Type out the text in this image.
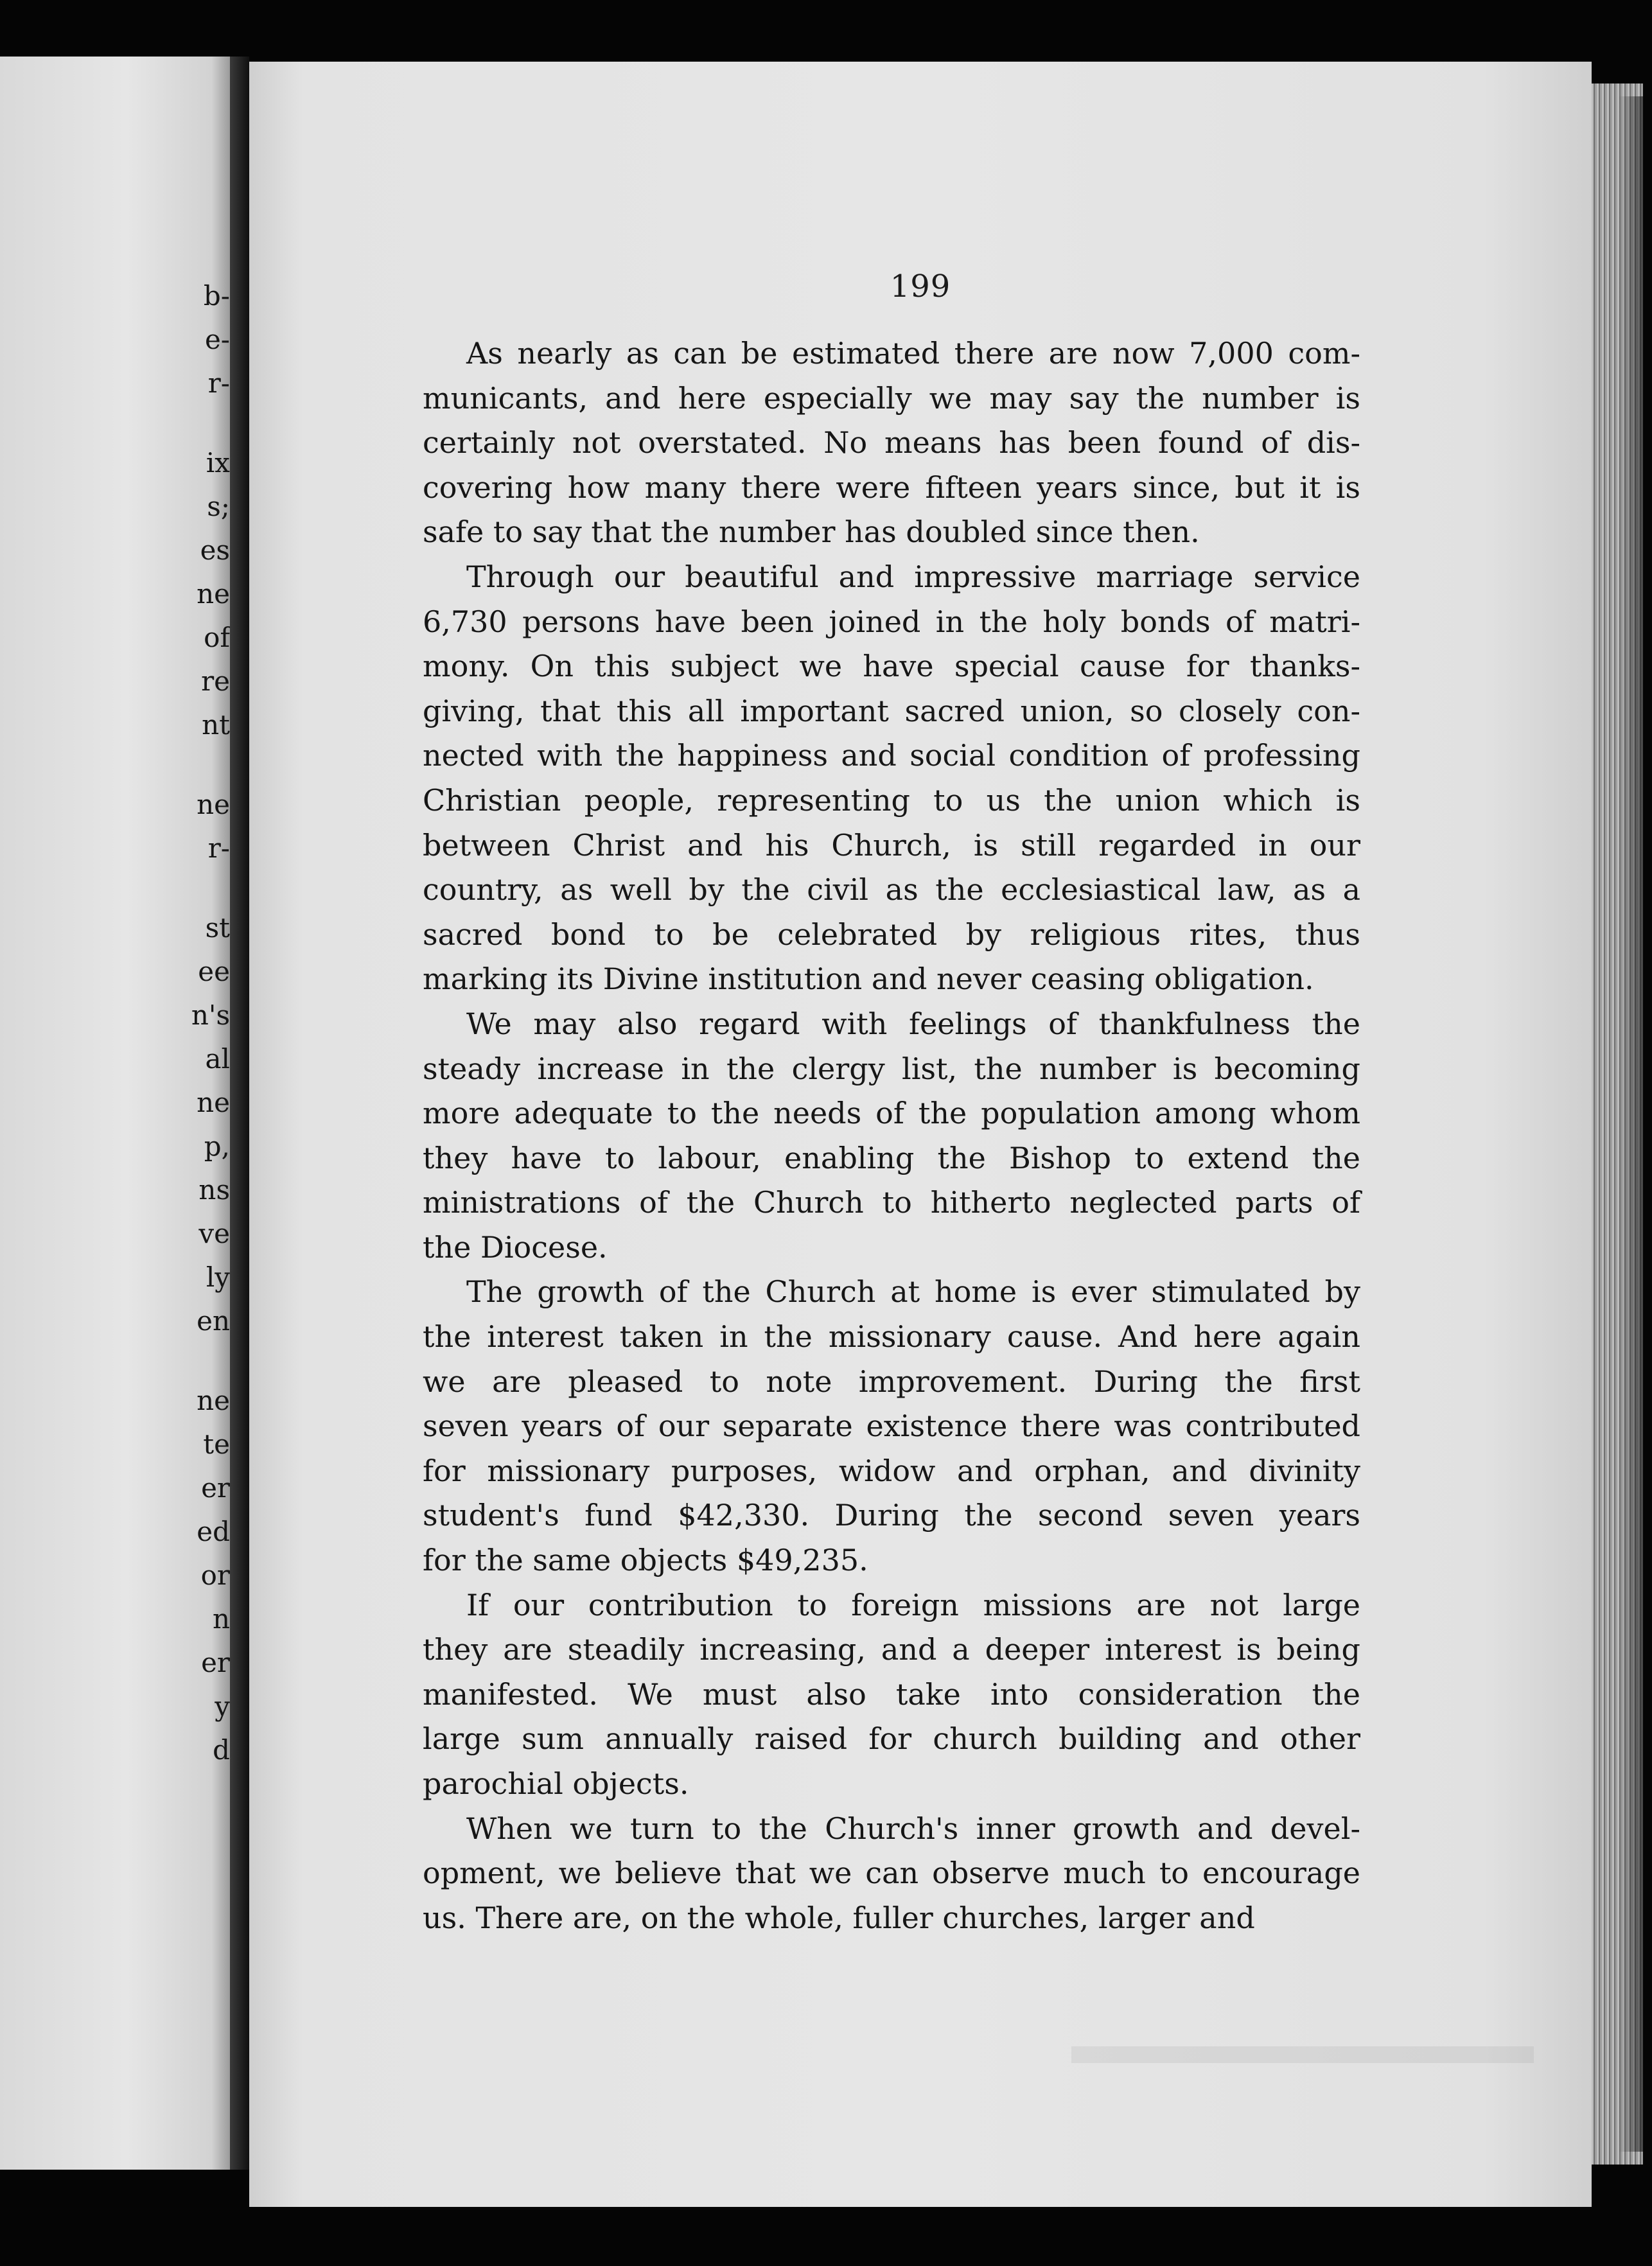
b-
e-
r-
ix
s;
es
ne
of
re
nt
ne
r-
st
ee
n's
al
ne
p,
ns
ve
ly
en
ne
te
er
ed
or
n
er
y
d
199
As nearly as can be estimated there are now 7,000 com-
municants, and here especially we may say the number is
certainly not overstated. No means has been found of dis-
covering how many there were fifteen years since, but it is
safe to say that the number has doubled since then.
Through our beautiful and impressive marriage service
6,730 persons have been joined in the holy bonds of matri-
mony. On this subject we have special cause for thanks-
giving, that this all important sacred union, so closely con-
nected with the happiness and social condition of professing
Christian people, representing to us the union which is
between Christ and his Church, is still regarded in our
country, as well by the civil as the ecclesiastical law, as a
sacred bond to be celebrated by religious rites, thus
marking its Divine institution and never ceasing obligation.
We may also regard with feelings of thankfulness the
steady increase in the clergy list, the number is becoming
more adequate to the needs of the population among whom
they have to labour, enabling the Bishop to extend the
ministrations of the Church to hitherto neglected parts of
the Diocese.
The growth of the Church at home is ever stimulated by
the interest taken in the missionary cause. And here again
we are pleased to note improvement. During the first
seven years of our separate existence there was contributed
for missionary purposes, widow and orphan, and divinity
student's fund $42,330. During the second seven years
for the same objects $49,235.
If our contribution to foreign missions are not large
they are steadily increasing, and a deeper interest is being
manifested. We must also take into consideration the
large sum annually raised for church building and other
parochial objects.
When we turn to the Church's inner growth and devel-
opment, we believe that we can observe much to encourage
us. There are, on the whole, fuller churches, larger and
